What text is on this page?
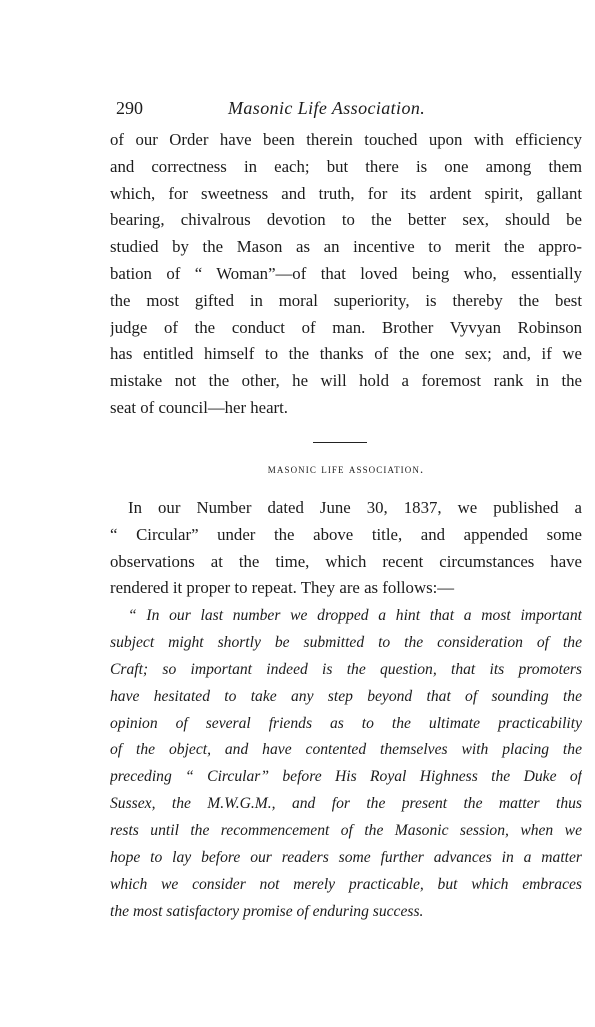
290	Masonic Life Association.
of our Order have been therein touched upon with efficiency
and correctness in each; but there is one among them
which, for sweetness and truth, for its ardent spirit, gallant
bearing, chivalrous devotion to the better sex, should be
studied by the Mason as an incentive to merit the appro-
bation of “ Woman”—of that loved being who, essentially
the most gifted in moral superiority, is thereby the best
judge of the conduct of man. Brother Vyvyan Robinson
has entitled himself to the thanks of the one sex; and, if we
mistake not the other, he will hold a foremost rank in the
seat of council—her heart.
masonic life association.
In our Number dated June 30, 1837, we published a
“ Circular” under the above title, and appended some
observations at the time, which recent circumstances have
rendered it proper to repeat. They are as follows:—
“ In our last number we dropped a hint that a most important
subject might shortly be submitted to the consideration of the
Craft; so important indeed is the question, that its promoters
have hesitated to take any step beyond that of sounding the
opinion of several friends as to the ultimate practicability
of the object, and have contented themselves with placing the
preceding “ Circular” before His Royal Highness the Duke of
Sussex, the M.W.G.M., and for the present the matter thus
rests until the recommencement of the Masonic session, when we
hope to lay before our readers some further advances in a matter
which we consider not merely practicable, but which embraces
the most satisfactory promise of enduring success.
